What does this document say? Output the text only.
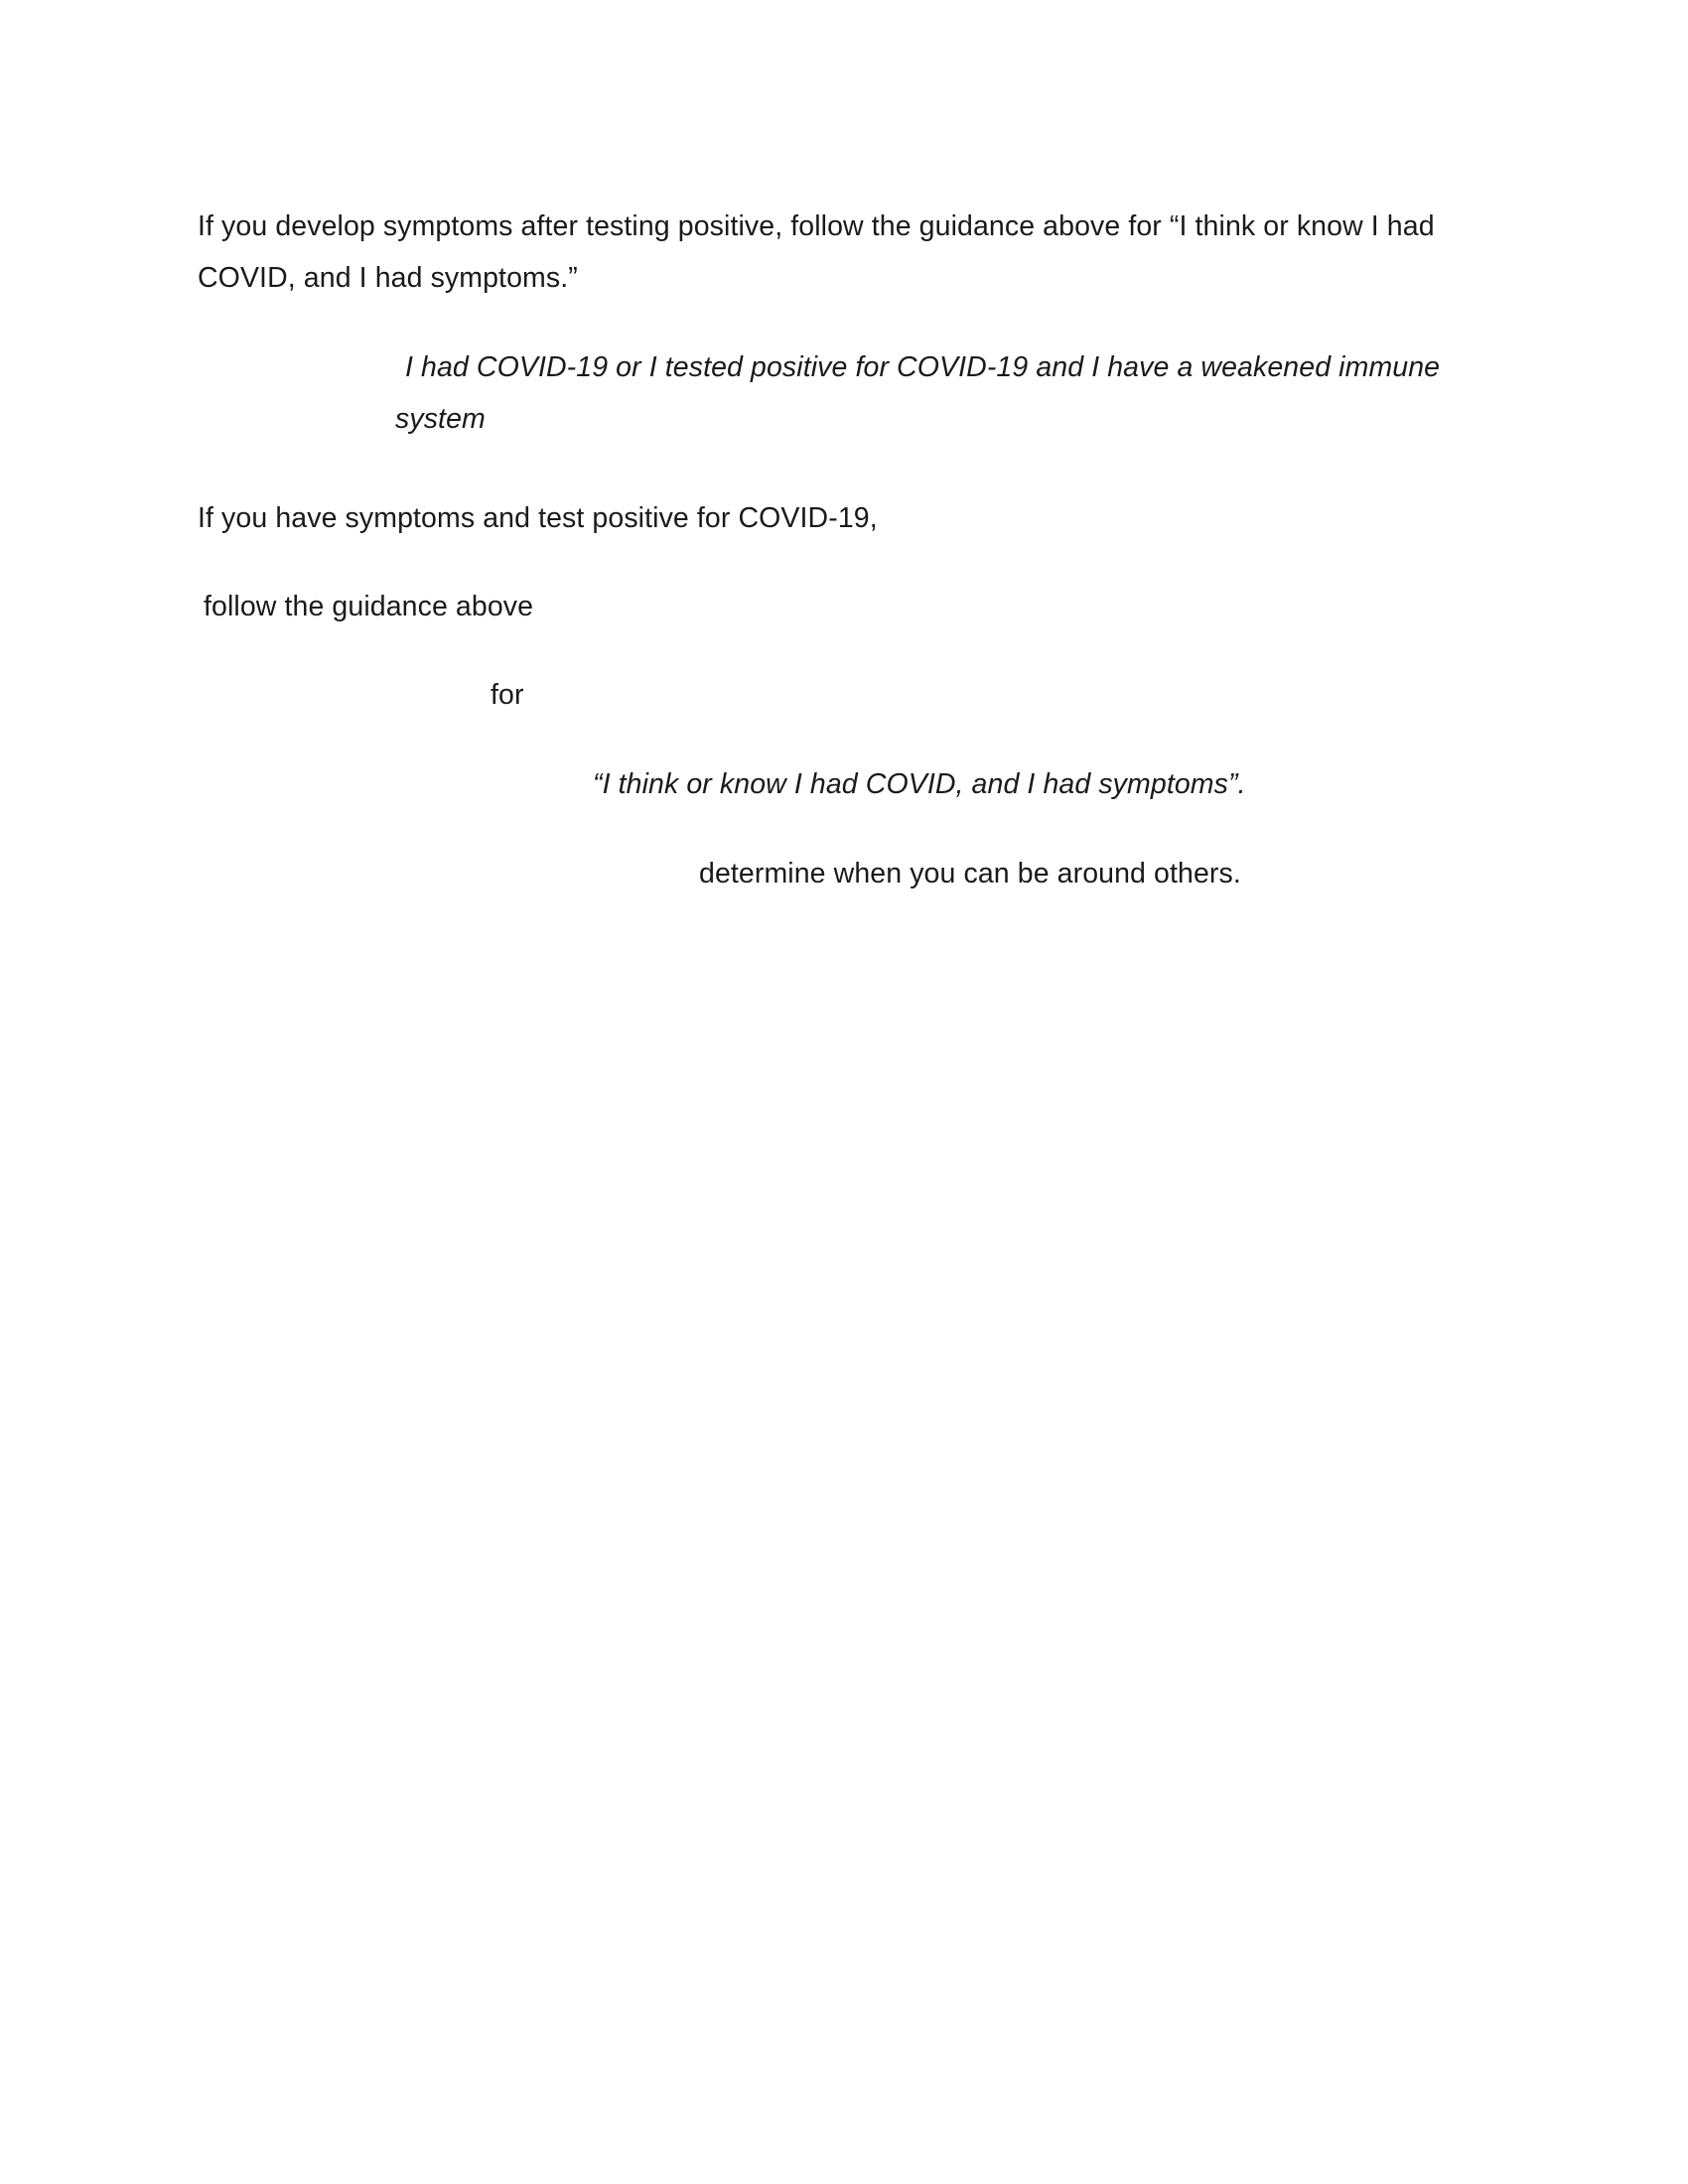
If you develop symptoms after testing positive, follow the guidance above for “I think or know I had COVID, and I had symptoms.”

I had COVID-19 or I tested positive for COVID-19 and I have a weakened immune system

If you have symptoms and test positive for COVID-19,

follow the guidance above

for

“I think or know I had COVID, and I had symptoms”.

determine when you can be around others.
